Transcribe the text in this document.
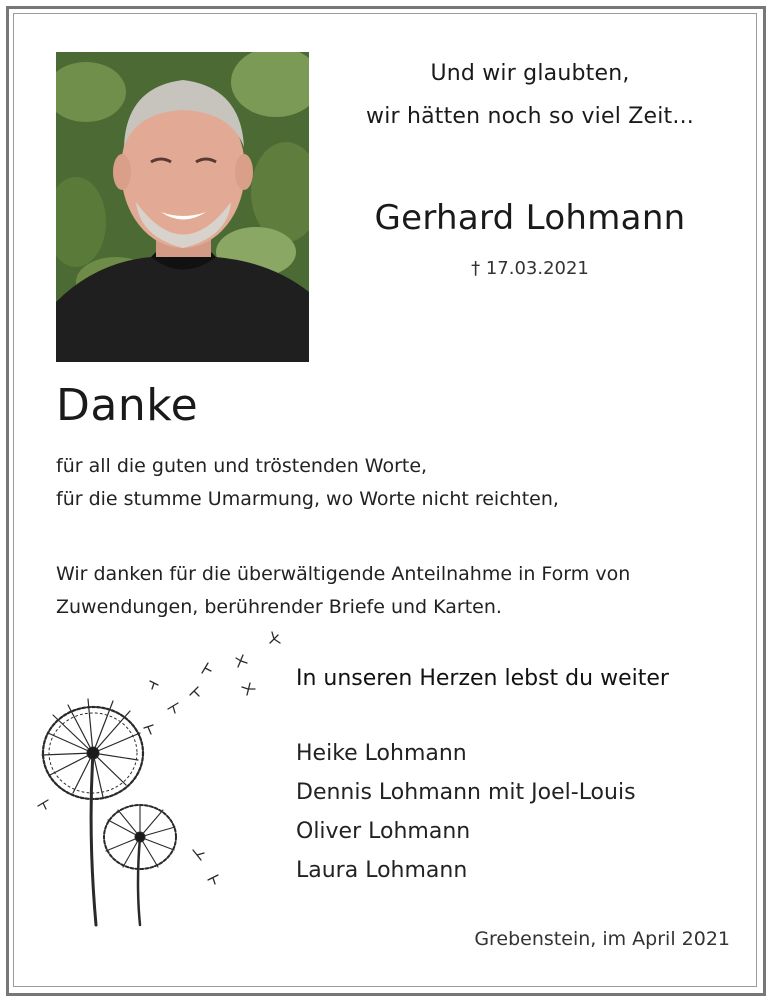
Und wir glaubten,
wir hätten noch so viel Zeit...
Gerhard Lohmann
† 17.03.2021
Danke
für all die guten und tröstenden Worte,
für die stumme Umarmung, wo Worte nicht reichten,
Wir danken für die überwältigende Anteilnahme in Form von
Zuwendungen, berührender Briefe und Karten.
In unseren Herzen lebst du weiter
Heike Lohmann
Dennis Lohmann mit Joel-Louis
Oliver Lohmann
Laura Lohmann
Grebenstein, im April 2021
